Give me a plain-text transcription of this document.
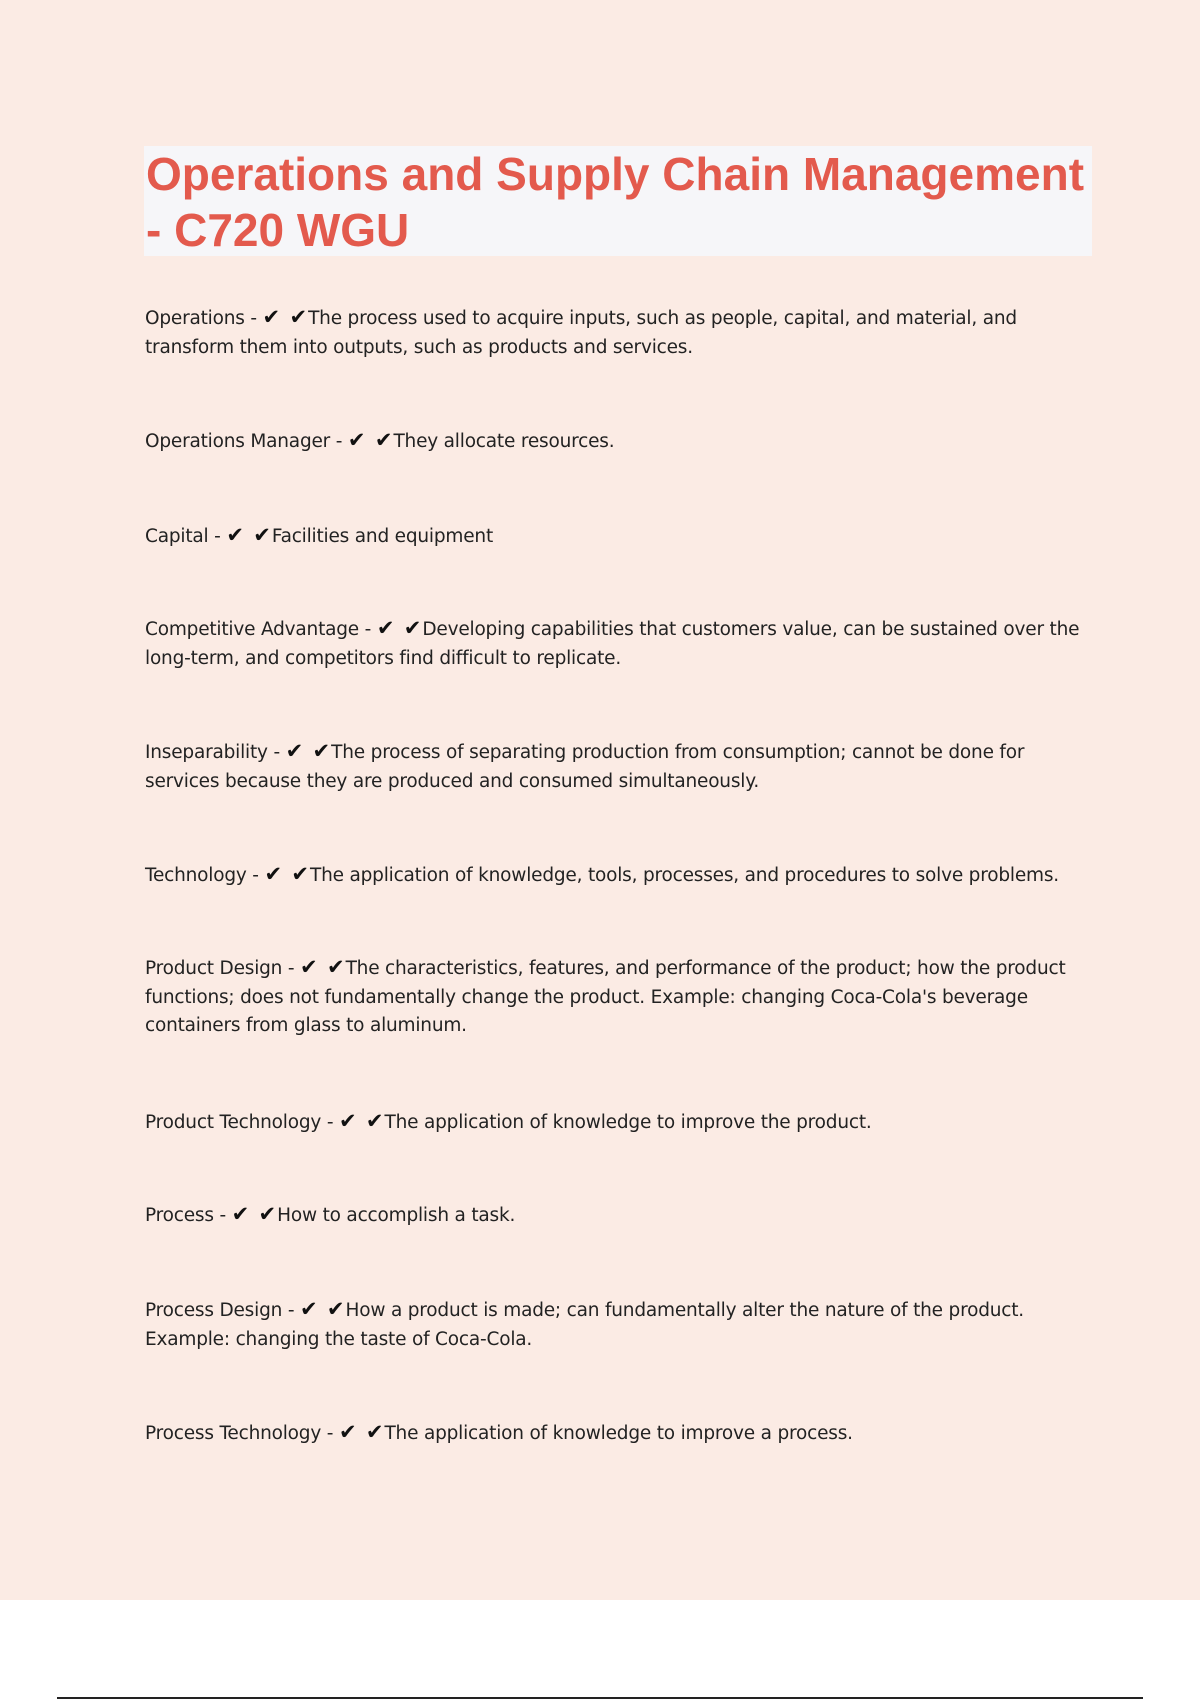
Operations and Supply Chain Management - C720 WGU

Operations - ✔ ✔The process used to acquire inputs, such as people, capital, and material, and transform them into outputs, such as products and services.

Operations Manager - ✔ ✔They allocate resources.

Capital - ✔ ✔Facilities and equipment

Competitive Advantage - ✔ ✔Developing capabilities that customers value, can be sustained over the long-term, and competitors find difficult to replicate.

Inseparability - ✔ ✔The process of separating production from consumption; cannot be done for services because they are produced and consumed simultaneously.

Technology - ✔ ✔The application of knowledge, tools, processes, and procedures to solve problems.

Product Design - ✔ ✔The characteristics, features, and performance of the product; how the product functions; does not fundamentally change the product. Example: changing Coca-Cola's beverage containers from glass to aluminum.

Product Technology - ✔ ✔The application of knowledge to improve the product.

Process - ✔ ✔How to accomplish a task.

Process Design - ✔ ✔How a product is made; can fundamentally alter the nature of the product. Example: changing the taste of Coca-Cola.

Process Technology - ✔ ✔The application of knowledge to improve a process.
